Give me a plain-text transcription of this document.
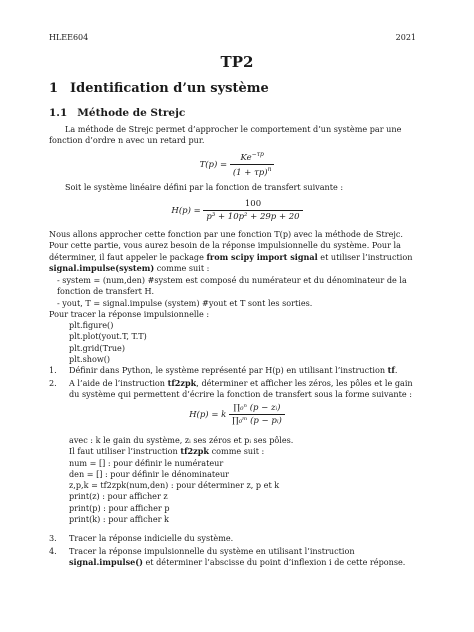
HLEE604	2021
TP2
1 Identification d’un système
1.1 Méthode de Strejc
La méthode de Strejc permet d’approcher le comportement d’un système par une fonction d’ordre n avec un retard pur.
$T(p) = \frac{Ke^{-\tau p}}{(1 + \tau p)^n}$
Soit le système linéaire défini par la fonction de transfert suivante :
$H(p) = \frac{100}{\text{p³ + 10p² + 29p + 20}}$
Nous allons approcher cette fonction par une fonction T(p) avec la méthode de Strejc. Pour cette partie, vous aurez besoin de la réponse impulsionnelle du système. Pour la déterminer, il faut appeler le package from scipy import signal et utiliser l’instruction signal.impulse(system) comme suit :
- system = (num,den) #system est composé du numérateur et du dénominateur de la fonction de transfert H.
- yout, T = signal.impulse (system) #yout et T sont les sorties.
Pour tracer la réponse impulsionnelle :
plt.figure()
plt.plot(yout.T, T.T)
plt.grid(True)
plt.show()
1. Définir dans Python, le système représenté par H(p) en utilisant l’instruction tf.
2. A l’aide de l’instruction tf2zpk, déterminer et afficher les zéros, les pôles et le gain du système qui permettent d’écrire la fonction de transfert sous la forme suivante :
H(p) = k $\frac{\text{∏₀ⁿ (p − zᵢ)}}{\text{∏₀ᵐ (p − pᵢ)}}$
avec : k le gain du système, zᵢ ses zéros et pᵢ ses pôles.
Il faut utiliser l’instruction tf2zpk comme suit :
num = [] : pour définir le numérateur
den = [] : pour définir le dénominateur
z,p,k = tf2zpk(num,den) : pour déterminer z, p et k
print(z) : pour afficher z
print(p) : pour afficher p
print(k) : pour afficher k
3. Tracer la réponse indicielle du système.
4. Tracer la réponse impulsionnelle du système en utilisant l’instruction signal.impulse() et déterminer l’abscisse du point d’inflexion i de cette réponse.
